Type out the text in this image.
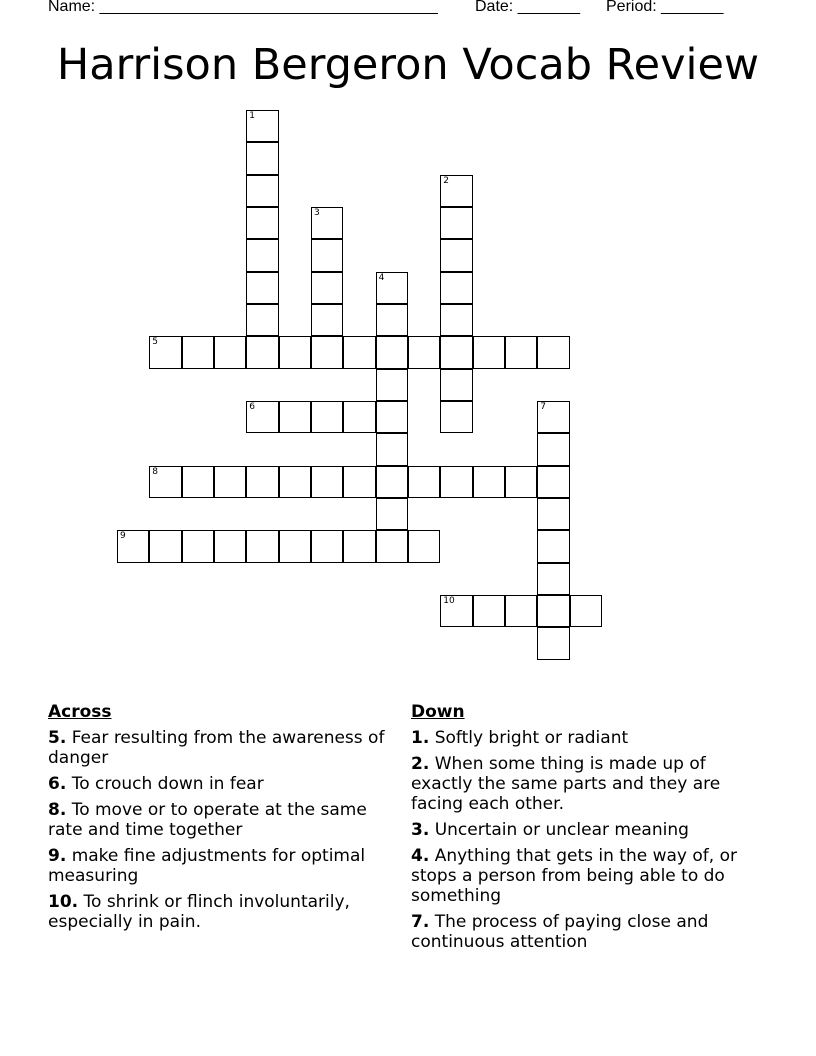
Name: ______________________________________ Date: _______ Period: _______
Harrison Bergeron Vocab Review
1
2
3
4
5
6	7
8
9
10
Across
5. Fear resulting from the awareness of danger
6. To crouch down in fear
8. To move or to operate at the same rate and time together
9. make fine adjustments for optimal measuring
10. To shrink or flinch involuntarily, especially in pain.
Down
1. Softly bright or radiant
2. When some thing is made up of exactly the same parts and they are facing each other.
3. Uncertain or unclear meaning
4. Anything that gets in the way of, or stops a person from being able to do something
7. The process of paying close and continuous attention
